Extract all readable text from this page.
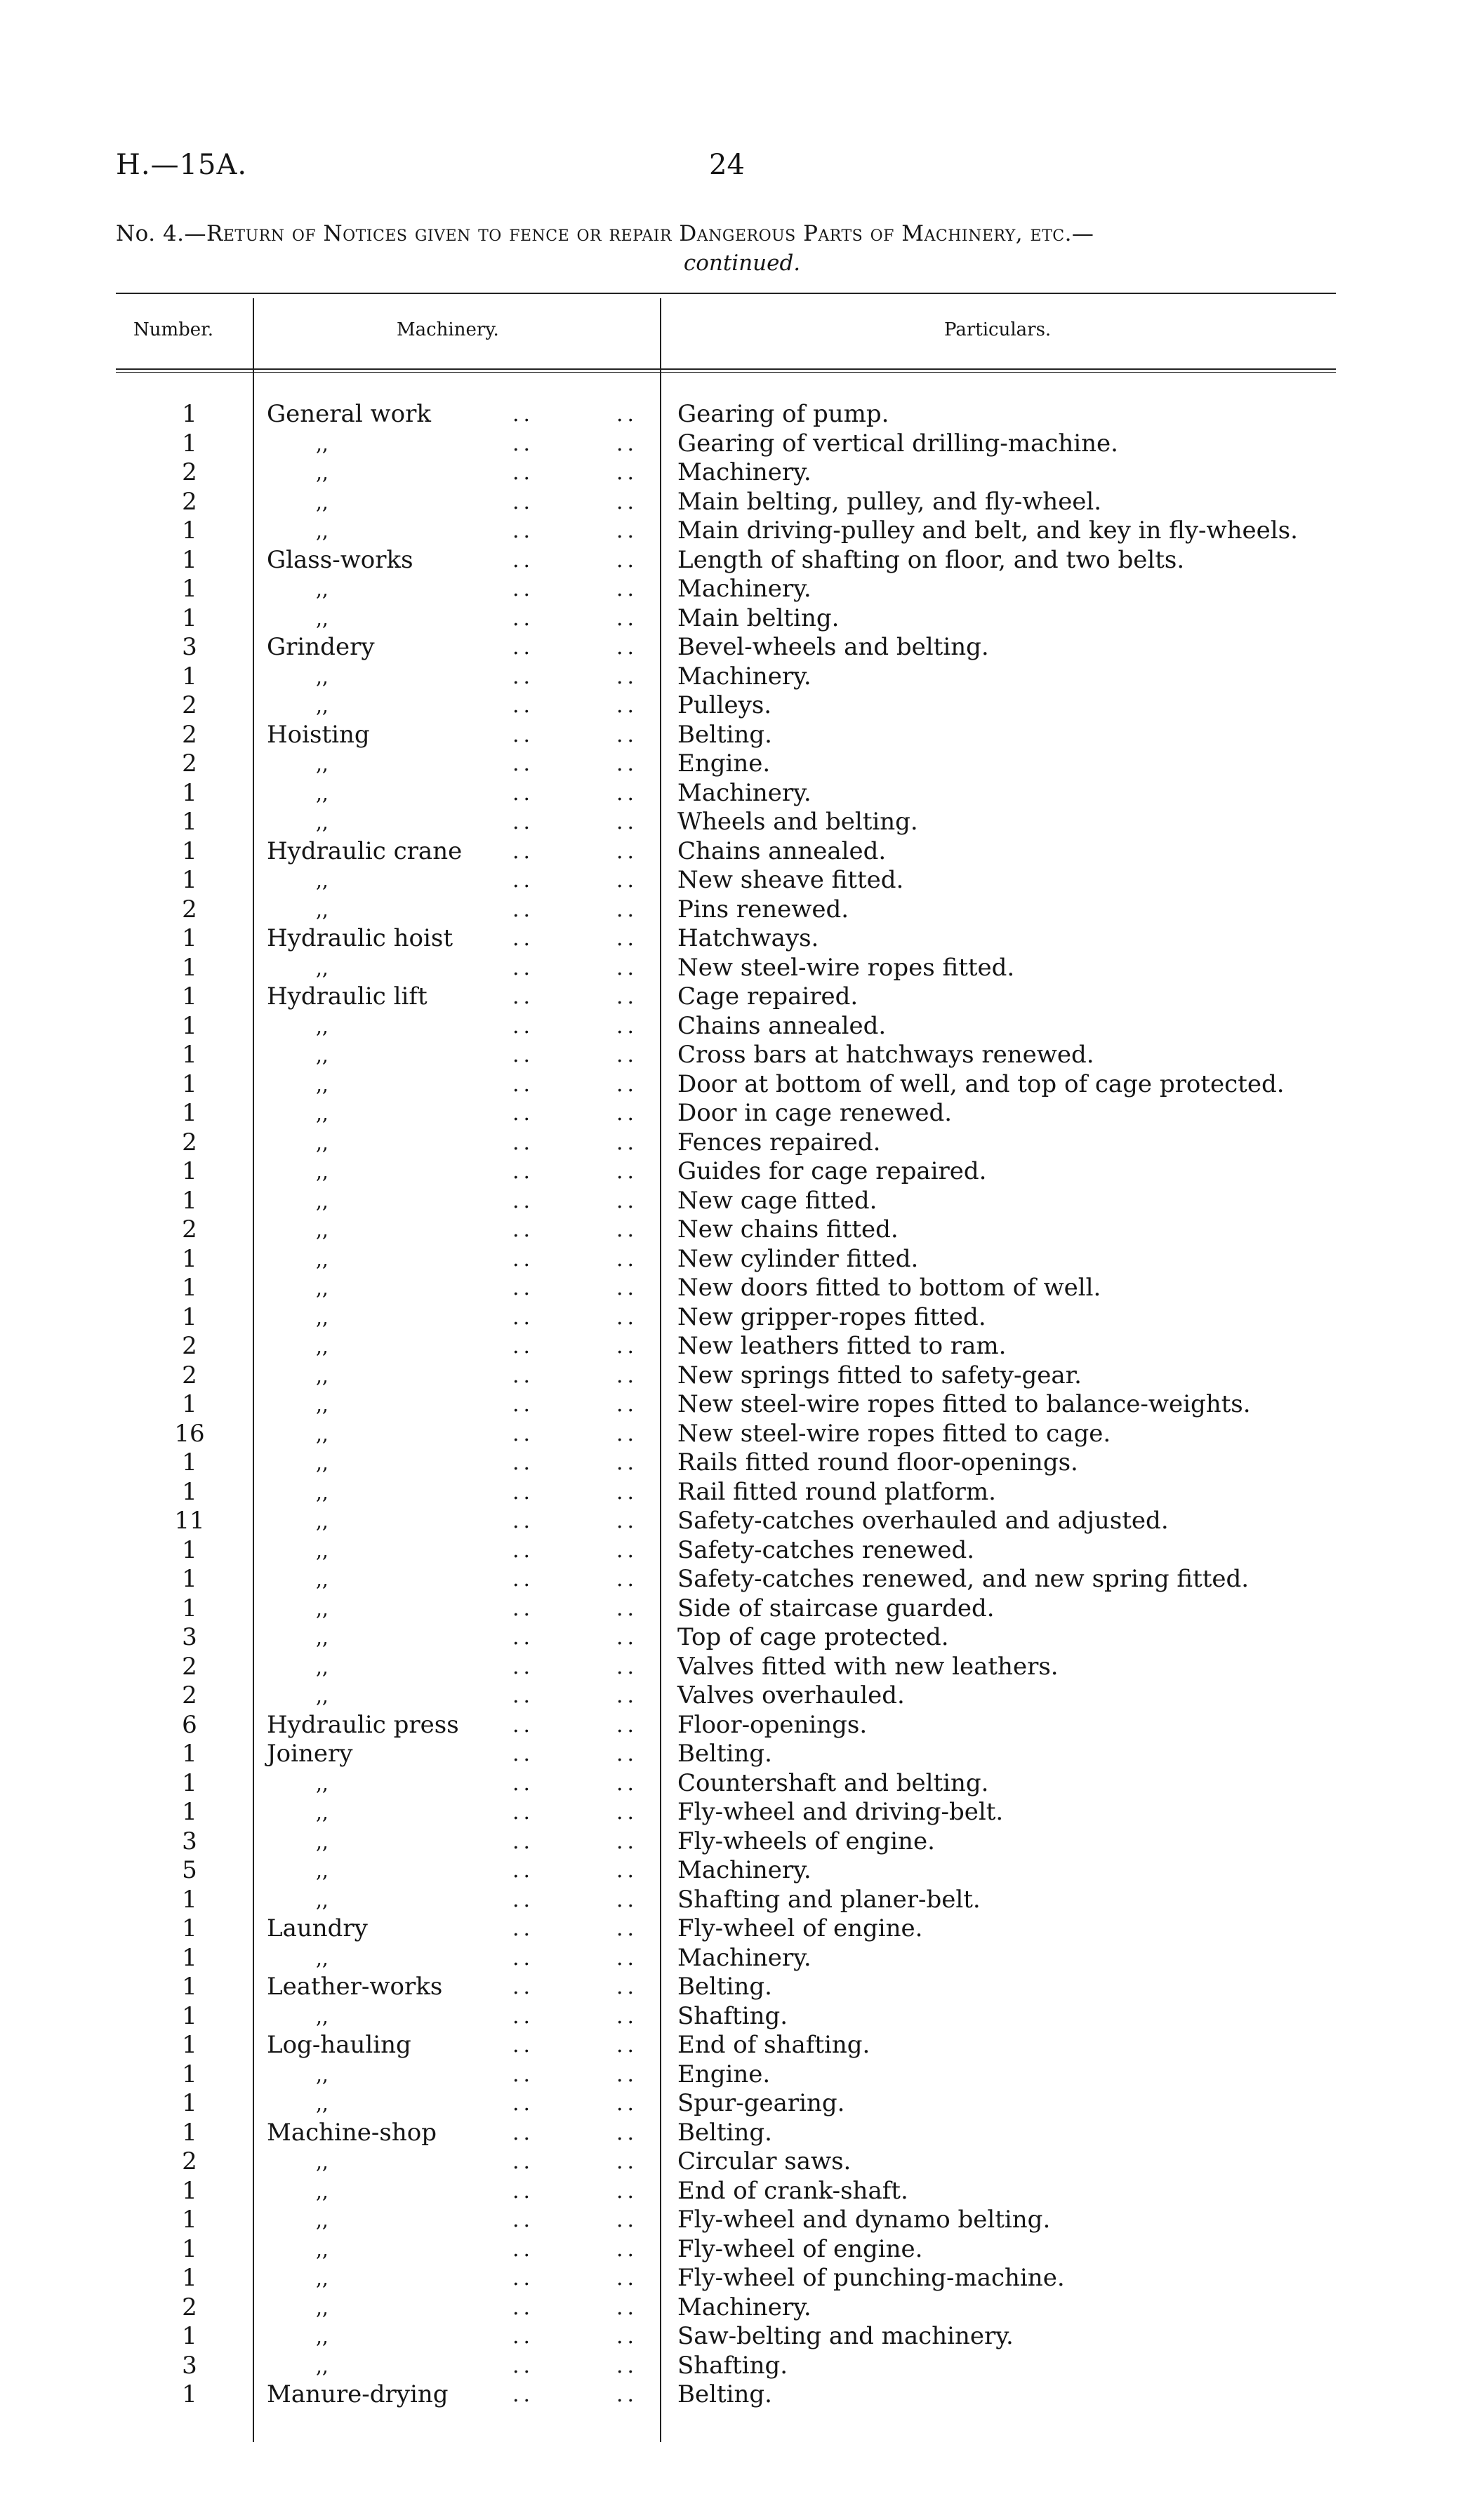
H.—15A.	24
No. 4.—Return of Notices given to fence or repair Dangerous Parts of Machinery, etc.—
continued.
Number.	Machinery.	Particulars.
1	General work	..	.. Gearing of pump.
1	,,	..	.. Gearing of vertical drilling-machine.
2	,,	..	.. Machinery.
2	,,	..	.. Main belting, pulley, and fly-wheel.
1	,,	..	.. Main driving-pulley and belt, and key in fly-wheels.
1	Glass-works	..	.. Length of shafting on floor, and two belts.
1	,,	..	.. Machinery.
1	,,	..	.. Main belting.
3	Grindery	..	.. Bevel-wheels and belting.
1	,,	..	.. Machinery.
2	,,	..	.. Pulleys.
2	Hoisting	..	.. Belting.
2	,,	..	.. Engine.
1	,,	..	.. Machinery.
1	,,	..	.. Wheels and belting.
1	Hydraulic crane	..	.. Chains annealed.
1	,,	..	.. New sheave fitted.
2	,,	..	.. Pins renewed.
1	Hydraulic hoist	..	.. Hatchways.
1	,,	..	.. New steel-wire ropes fitted.
1	Hydraulic lift	..	.. Cage repaired.
1	,,	..	.. Chains annealed.
1	,,	..	.. Cross bars at hatchways renewed.
1	,,	..	.. Door at bottom of well, and top of cage protected.
1	,,	..	.. Door in cage renewed.
2	,,	..	.. Fences repaired.
1	,,	..	.. Guides for cage repaired.
1	,,	..	.. New cage fitted.
2	,,	..	.. New chains fitted.
1	,,	..	.. New cylinder fitted.
1	,,	..	.. New doors fitted to bottom of well.
1	,,	..	.. New gripper-ropes fitted.
2	,,	..	.. New leathers fitted to ram.
2	,,	..	.. New springs fitted to safety-gear.
1	,,	..	.. New steel-wire ropes fitted to balance-weights.
16	,,	..	.. New steel-wire ropes fitted to cage.
1	,,	..	.. Rails fitted round floor-openings.
1	,,	..	.. Rail fitted round platform.
11	,,	..	.. Safety-catches overhauled and adjusted.
1	,,	..	.. Safety-catches renewed.
1	,,	..	.. Safety-catches renewed, and new spring fitted.
1	,,	..	.. Side of staircase guarded.
3	,,	..	.. Top of cage protected.
2	,,	..	.. Valves fitted with new leathers.
2	,,	..	.. Valves overhauled.
6	Hydraulic press	..	.. Floor-openings.
1	Joinery	..	.. Belting.
1	,,	..	.. Countershaft and belting.
1	,,	..	.. Fly-wheel and driving-belt.
3	,,	..	.. Fly-wheels of engine.
5	,,	..	.. Machinery.
1	,,	..	.. Shafting and planer-belt.
1	Laundry	..	.. Fly-wheel of engine.
1	,,	..	.. Machinery.
1	Leather-works	..	.. Belting.
1	,,	..	.. Shafting.
1	Log-hauling	..	.. End of shafting.
1	,,	..	.. Engine.
1	,,	..	.. Spur-gearing.
1	Machine-shop	..	.. Belting.
2	,,	..	.. Circular saws.
1	,,	..	.. End of crank-shaft.
1	,,	..	.. Fly-wheel and dynamo belting.
1	,,	..	.. Fly-wheel of engine.
1	,,	..	.. Fly-wheel of punching-machine.
2	,,	..	.. Machinery.
1	,,	..	.. Saw-belting and machinery.
3	,,	..	.. Shafting.
1	Manure-drying	..	.. Belting.
